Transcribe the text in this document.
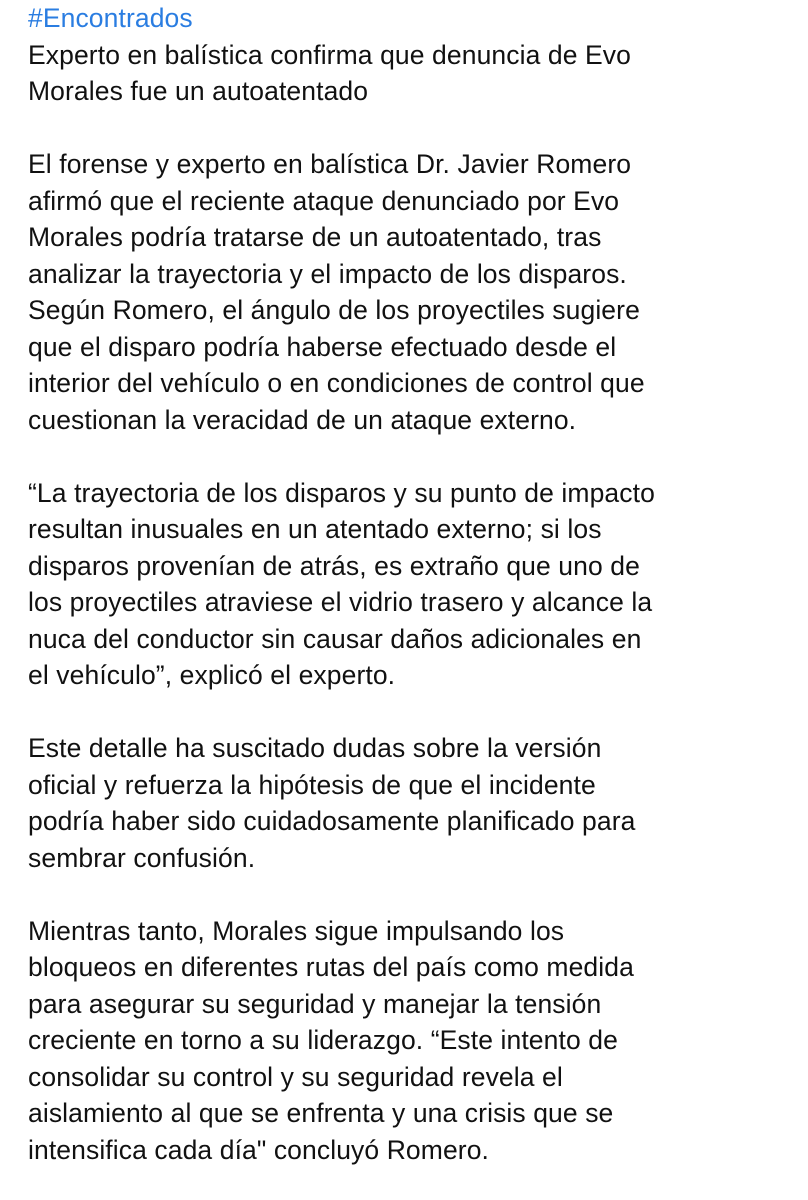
#Encontrados
Experto en balística confirma que denuncia de Evo
Morales fue un autoatentado
El forense y experto en balística Dr. Javier Romero
afirmó que el reciente ataque denunciado por Evo
Morales podría tratarse de un autoatentado, tras
analizar la trayectoria y el impacto de los disparos.
Según Romero, el ángulo de los proyectiles sugiere
que el disparo podría haberse efectuado desde el
interior del vehículo o en condiciones de control que
cuestionan la veracidad de un ataque externo.
“La trayectoria de los disparos y su punto de impacto
resultan inusuales en un atentado externo; si los
disparos provenían de atrás, es extraño que uno de
los proyectiles atraviese el vidrio trasero y alcance la
nuca del conductor sin causar daños adicionales en
el vehículo”, explicó el experto.
Este detalle ha suscitado dudas sobre la versión
oficial y refuerza la hipótesis de que el incidente
podría haber sido cuidadosamente planificado para
sembrar confusión.
Mientras tanto, Morales sigue impulsando los
bloqueos en diferentes rutas del país como medida
para asegurar su seguridad y manejar la tensión
creciente en torno a su liderazgo. “Este intento de
consolidar su control y su seguridad revela el
aislamiento al que se enfrenta y una crisis que se
intensifica cada día" concluyó Romero.
